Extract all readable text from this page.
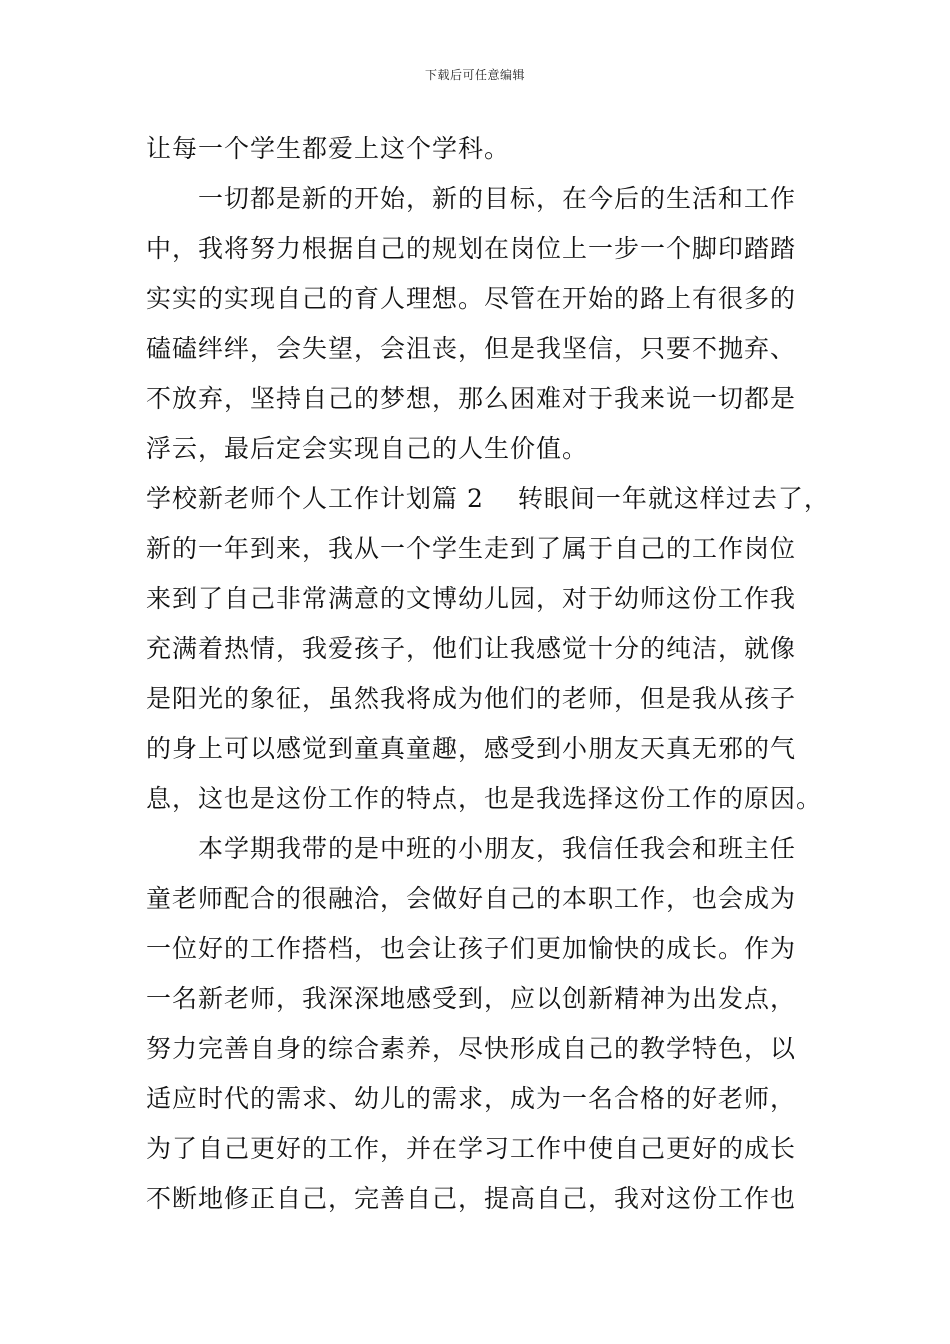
下载后可任意编辑
让每一个学生都爱上这个学科。
一切都是新的开始，新的目标，在今后的生活和工作
中，我将努力根据自己的规划在岗位上一步一个脚印踏踏
实实的实现自己的育人理想。尽管在开始的路上有很多的
磕磕绊绊，会失望，会沮丧，但是我坚信，只要不抛弃、
不放弃，坚持自己的梦想，那么困难对于我来说一切都是
浮云，最后定会实现自己的人生价值。
学校新老师个人工作计划篇 2 转眼间一年就这样过去了，
新的一年到来，我从一个学生走到了属于自己的工作岗位
来到了自己非常满意的文博幼儿园，对于幼师这份工作我
充满着热情，我爱孩子，他们让我感觉十分的纯洁，就像
是阳光的象征，虽然我将成为他们的老师，但是我从孩子
的身上可以感觉到童真童趣，感受到小朋友天真无邪的气
息，这也是这份工作的特点，也是我选择这份工作的原因。
本学期我带的是中班的小朋友，我信任我会和班主任
童老师配合的很融洽，会做好自己的本职工作，也会成为
一位好的工作搭档，也会让孩子们更加愉快的成长。作为
一名新老师，我深深地感受到，应以创新精神为出发点，
努力完善自身的综合素养，尽快形成自己的教学特色，以
适应时代的需求、幼儿的需求，成为一名合格的好老师，
为了自己更好的工作，并在学习工作中使自己更好的成长
不断地修正自己，完善自己，提高自己，我对这份工作也
